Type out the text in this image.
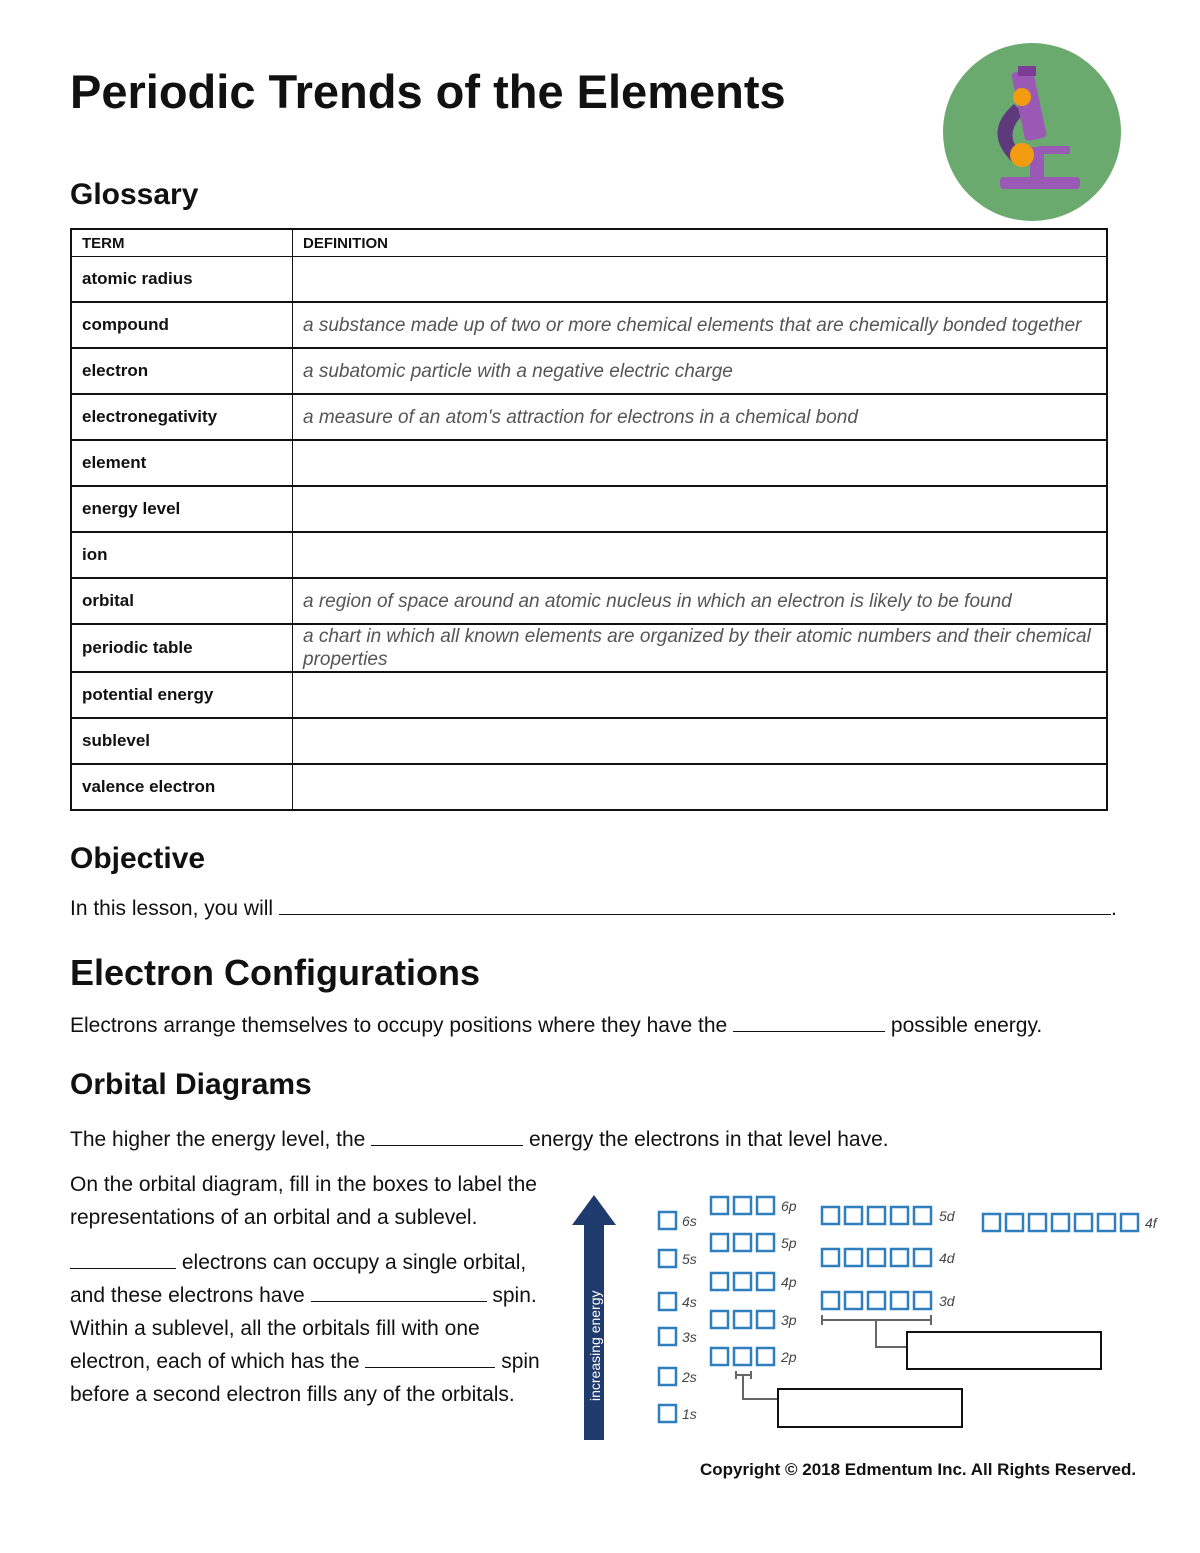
Periodic Trends of the Elements
Glossary
TERM	DEFINITION
atomic radius	
compound	a substance made up of two or more chemical elements that are chemically bonded together
electron	a subatomic particle with a negative electric charge
electronegativity	a measure of an atom's attraction for electrons in a chemical bond
element	
energy level	
ion	
orbital	a region of space around an atomic nucleus in which an electron is likely to be found
periodic table	a chart in which all known elements are organized by their atomic numbers and their chemical properties
potential energy	
sublevel	
valence electron	
Objective
In this lesson, you will	.
Electron Configurations
Electrons arrange themselves to occupy positions where they have the	possible energy.
Orbital Diagrams
The higher the energy level, the	energy the electrons in that level have.

On the orbital diagram, fill in the boxes to label the representations of an orbital and a sublevel.

electrons can occupy a single orbital, and these electrons have	spin. Within a sublevel, all the orbitals fill with one electron, each of which has the	spin before a second electron fills any of the orbitals.	increasing energy
6s
5s
4s
3s
2s
1s
6p
5p
4p
3p
2p
5d
4d
3d
4f
Copyright © 2018 Edmentum Inc. All Rights Reserved.
